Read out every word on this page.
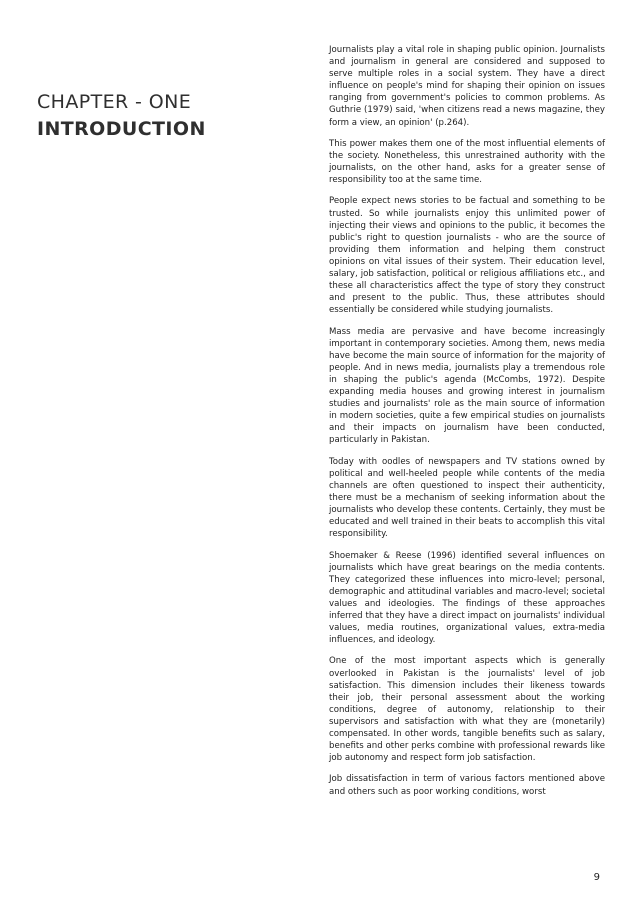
CHAPTER - ONE
INTRODUCTION

Journalists play a vital role in shaping public opinion. Journalists and journalism in general are considered and supposed to serve multiple roles in a social system. They have a direct influence on people's mind for shaping their opinion on issues ranging from government's policies to common problems. As Guthrie (1979) said, 'when citizens read a news magazine, they form a view, an opinion' (p.264).

This power makes them one of the most influential elements of the society. Nonetheless, this unrestrained authority with the journalists, on the other hand, asks for a greater sense of responsibility too at the same time.

People expect news stories to be factual and something to be trusted. So while journalists enjoy this unlimited power of injecting their views and opinions to the public, it becomes the public's right to question journalists - who are the source of providing them information and helping them construct opinions on vital issues of their system. Their education level, salary, job satisfaction, political or religious affiliations etc., and these all characteristics affect the type of story they construct and present to the public. Thus, these attributes should essentially be considered while studying journalists.

Mass media are pervasive and have become increasingly important in contemporary societies. Among them, news media have become the main source of information for the majority of people. And in news media, journalists play a tremendous role in shaping the public's agenda (McCombs, 1972). Despite expanding media houses and growing interest in journalism studies and journalists' role as the main source of information in modern societies, quite a few empirical studies on journalists and their impacts on journalism have been conducted, particularly in Pakistan.

Today with oodles of newspapers and TV stations owned by political and well-heeled people while contents of the media channels are often questioned to inspect their authenticity, there must be a mechanism of seeking information about the journalists who develop these contents. Certainly, they must be educated and well trained in their beats to accomplish this vital responsibility.

Shoemaker & Reese (1996) identified several influences on journalists which have great bearings on the media contents. They categorized these influences into micro-level; personal, demographic and attitudinal variables and macro-level; societal values and ideologies. The findings of these approaches inferred that they have a direct impact on journalists' individual values, media routines, organizational values, extra-media influences, and ideology.

One of the most important aspects which is generally overlooked in Pakistan is the journalists' level of job satisfaction. This dimension includes their likeness towards their job, their personal assessment about the working conditions, degree of autonomy, relationship to their supervisors and satisfaction with what they are (monetarily) compensated. In other words, tangible benefits such as salary, benefits and other perks combine with professional rewards like job autonomy and respect form job satisfaction.

Job dissatisfaction in term of various factors mentioned above and others such as poor working conditions, worst

9
